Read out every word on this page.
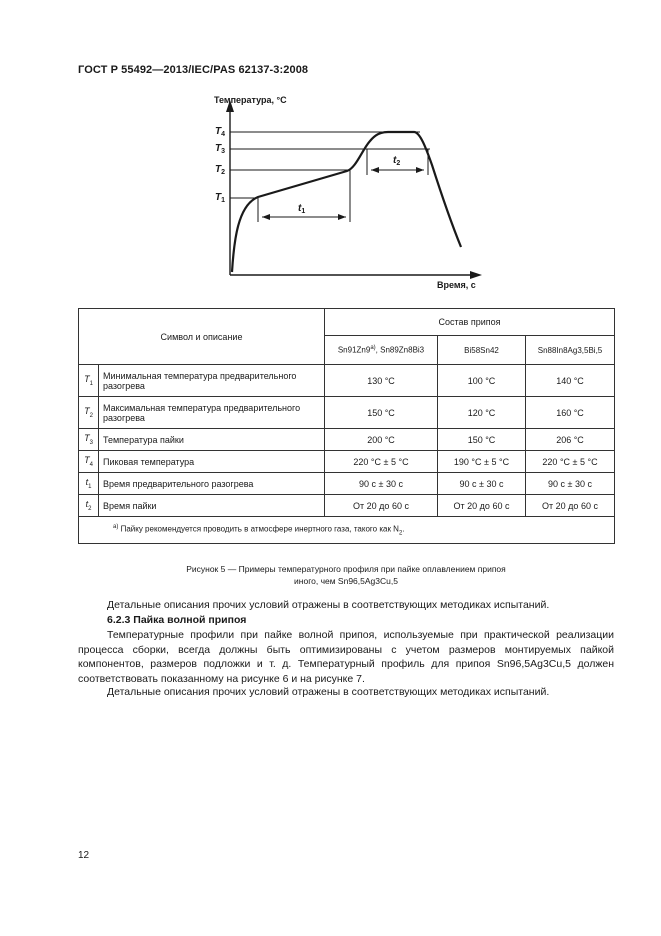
ГОСТ Р 55492—2013/IEC/PAS 62137-3:2008
Температура, °С
Время, с
$T_4$
$T_3$
$T_2$
$T_1$
$t_1$
$t_2$
Символ и описание		Состав припоя		
		Sn91Zn9$^{a)}$, Sn89Zn8Bi3	Bi58Sn42	Sn88In8Ag3,5Bi,5
$T_1$	Минимальная температура предварительного разогрева	130 °С	100 °С	140 °С
$T_2$	Максимальная температура предварительного разогрева	150 °С	120 °С	160 °С
$T_3$	Температура пайки	200 °С	150 °С	206 °С
$T_4$	Пиковая температура	220 °С ± 5 °С	190 °С ± 5 °С	220 °С ± 5 °С
$t_1$	Время предварительного разогрева	90 с ± 30 с	90 с ± 30 с	90 с ± 30 с
$t_2$	Время пайки	От 20 до 60 с	От 20 до 60 с	От 20 до 60 с
$^{a)}$ Пайку рекомендуется проводить в атмосфере инертного газа, такого как $N_2$.				
Рисунок 5 — Примеры температурного профиля при пайке оплавлением припоя
иного, чем Sn96,5Ag3Cu,5
Детальные описания прочих условий отражены в соответствующих методиках испытаний.
6.2.3 Пайка волной припоя
Температурные профили при пайке волной припоя, используемые при практической реализации процесса сборки, всегда должны быть оптимизированы с учетом размеров монтируемых пайкой компонентов, размеров подложки и т. д. Температурный профиль для припоя Sn96,5Ag3Cu,5 должен соответствовать показанному на рисунке 6 и на рисунке 7.
Детальные описания прочих условий отражены в соответствующих методиках испытаний.
12
